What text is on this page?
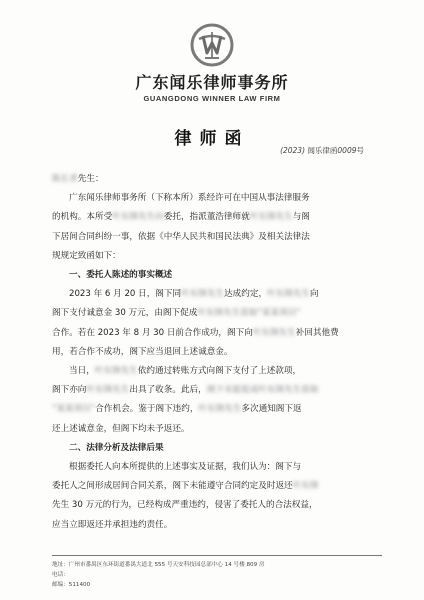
广东闻乐律师事务所
GUANGDONG WINNER LAW FIRM
律师函
(2023) 闻乐律函0009号
陈长者先生：
广东闻乐律师事务所（下称本所）系经许可在中国从事法律服务
的机构。本所受叶东锋先生向委托，指派董浩律师就叶东锋先生与阁
下居间合同纠纷一事，依据《中华人民共和国民法典》及相关法律法
规规定致函如下：
一、委托人陈述的事实概述
2023 年 6 月 20 日，阁下同叶东锋先生达成约定，叶东锋先生向
阁下支付诚意金 30 万元，由阁下促成叶东锋先生获取“某某项目”
合作。若在 2023 年 8 月 30 日前合作成功，阁下向叶东锋先生补回其他费
用，若合作不成功，阁下应当退回上述诚意金。
当日，叶东锋先生依约通过转账方式向阁下支付了上述款项，
阁下亦向叶东锋先生出具了收条。此后，阁下未能促成叶东锋先生获取
“某某项目”合作机会。鉴于阁下违约，叶东锋先生多次通知阁下返
还上述诚意金，但阁下均未予返还。
二、法律分析及法律后果
根据委托人向本所提供的上述事实及证据，我们认为：阁下与
委托人之间形成居间合同关系，阁下未能遵守合同约定及时返还叶东锋
先生 30 万元的行为，已经构成严重违约，侵害了委托人的合法权益，
应当立即返还并承担违约责任。
地址：广州市番禺区东环街道番禺大道北 555 号天安科技园总部中心 14 号楼 809 房
电话：
邮编：511400
